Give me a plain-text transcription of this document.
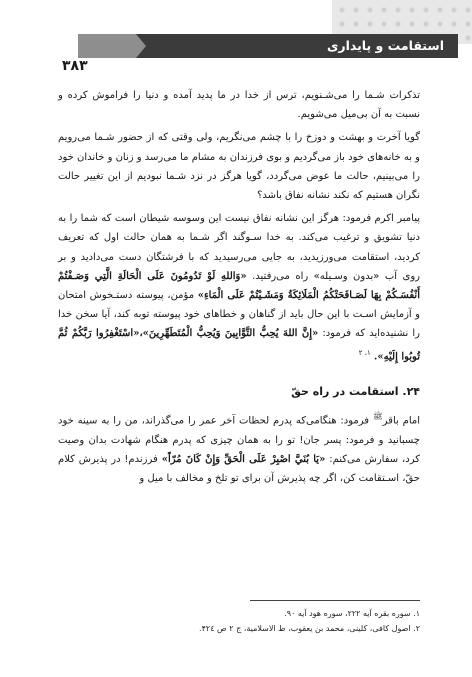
استقامت و پایداری
۳۸۳

تذکرات شـما را می‌شـنویم، ترس از خدا در ما پدید آمده و دنیا را فراموش کرده و نسبت به آن بی‌میل می‌شویم.

گویا آخرت و بهشت و دوزخ را با چشم می‌نگریم، ولی وقتی که از حضور شـما می‌رویم و به خانه‌های خود باز می‌گردیم و بوی فرزندان به مشام ما می‌رسد و زنان و خاندان خود را می‌بینیم، حالت ما عوض می‌گردد، گویا هرگز در نزد شـما نبودیم از این تغییر حالت نگران هستیم که نکند نشانه نفاق باشد؟

پیامبر اکرم فرمود: هرگز این نشانه نفاق نیست این وسوسه شیطان است که شما را به دنیا تشویق و ترغیب می‌کند. به خدا سـوگند اگر شـما به همان حالت اول که تعریف کردید، استقامت می‌ورزیدید، به جایی می‌رسیدید که با فرشتگان دست می‌دادید و بر روی آب «بدون وسـیله» راه می‌رفتید. «وَاللهِ لَوْ تَدُومُونَ عَلَى الْحَالَةِ الَّتِي وَصَـفْتُمْ أَنْفُسَـكُمْ بِهَا لَصَـافَحَتْكُمُ الْمَلَائِكَةُ وَمَشَـيْتُمْ عَلَى الْمَاءِ» مؤمن، پیوسته دستـخوش امتحان و آزمایش اسـت با این حال باید از گناهان و خطاهای خود پیوسته توبه کند، آیا سخن خدا را نشنیده‌اید که فرمود: «إِنَّ اللهَ يُحِبُّ التَّوَّابِينَ وَيُحِبُّ الْمُتَطَهِّرِينَ»،«اسْتَغْفِرُوا رَبَّكُمْ ثُمَّ تُوبُوا إِلَيْهِ». $^{۱، ۲}$

۲۴. استقامت در راه حقّ

امام باقر$^ﷺ$ فرمود: هنگامی‌که پدرم لحظات آخر عمر را می‌گذراند، من را به سینه خود چسبانید و فرمود: پسر جان! تو را به همان چیزی که پدرم هنگام شهادت بدان وصیت کرد، سفارش می‌کنم: «يَا بُنَيَّ اصْبِرْ عَلَى الْحَقِّ وَإِنْ كَانَ مُرّاً» فرزندم! در پذیرش کلام حقّ، اسـتقامت کن، اگر چه پذیرش آن برای تو تلخ و مخالف با میل و

۱. سوره بقره آیه ۲۲۲، سوره هود آیه ۹۰.
۲. اصول کافی، کلینی، محمد بن یعقوب، ط الاسلامیة، ج ۲ ص ۴۲٤.
